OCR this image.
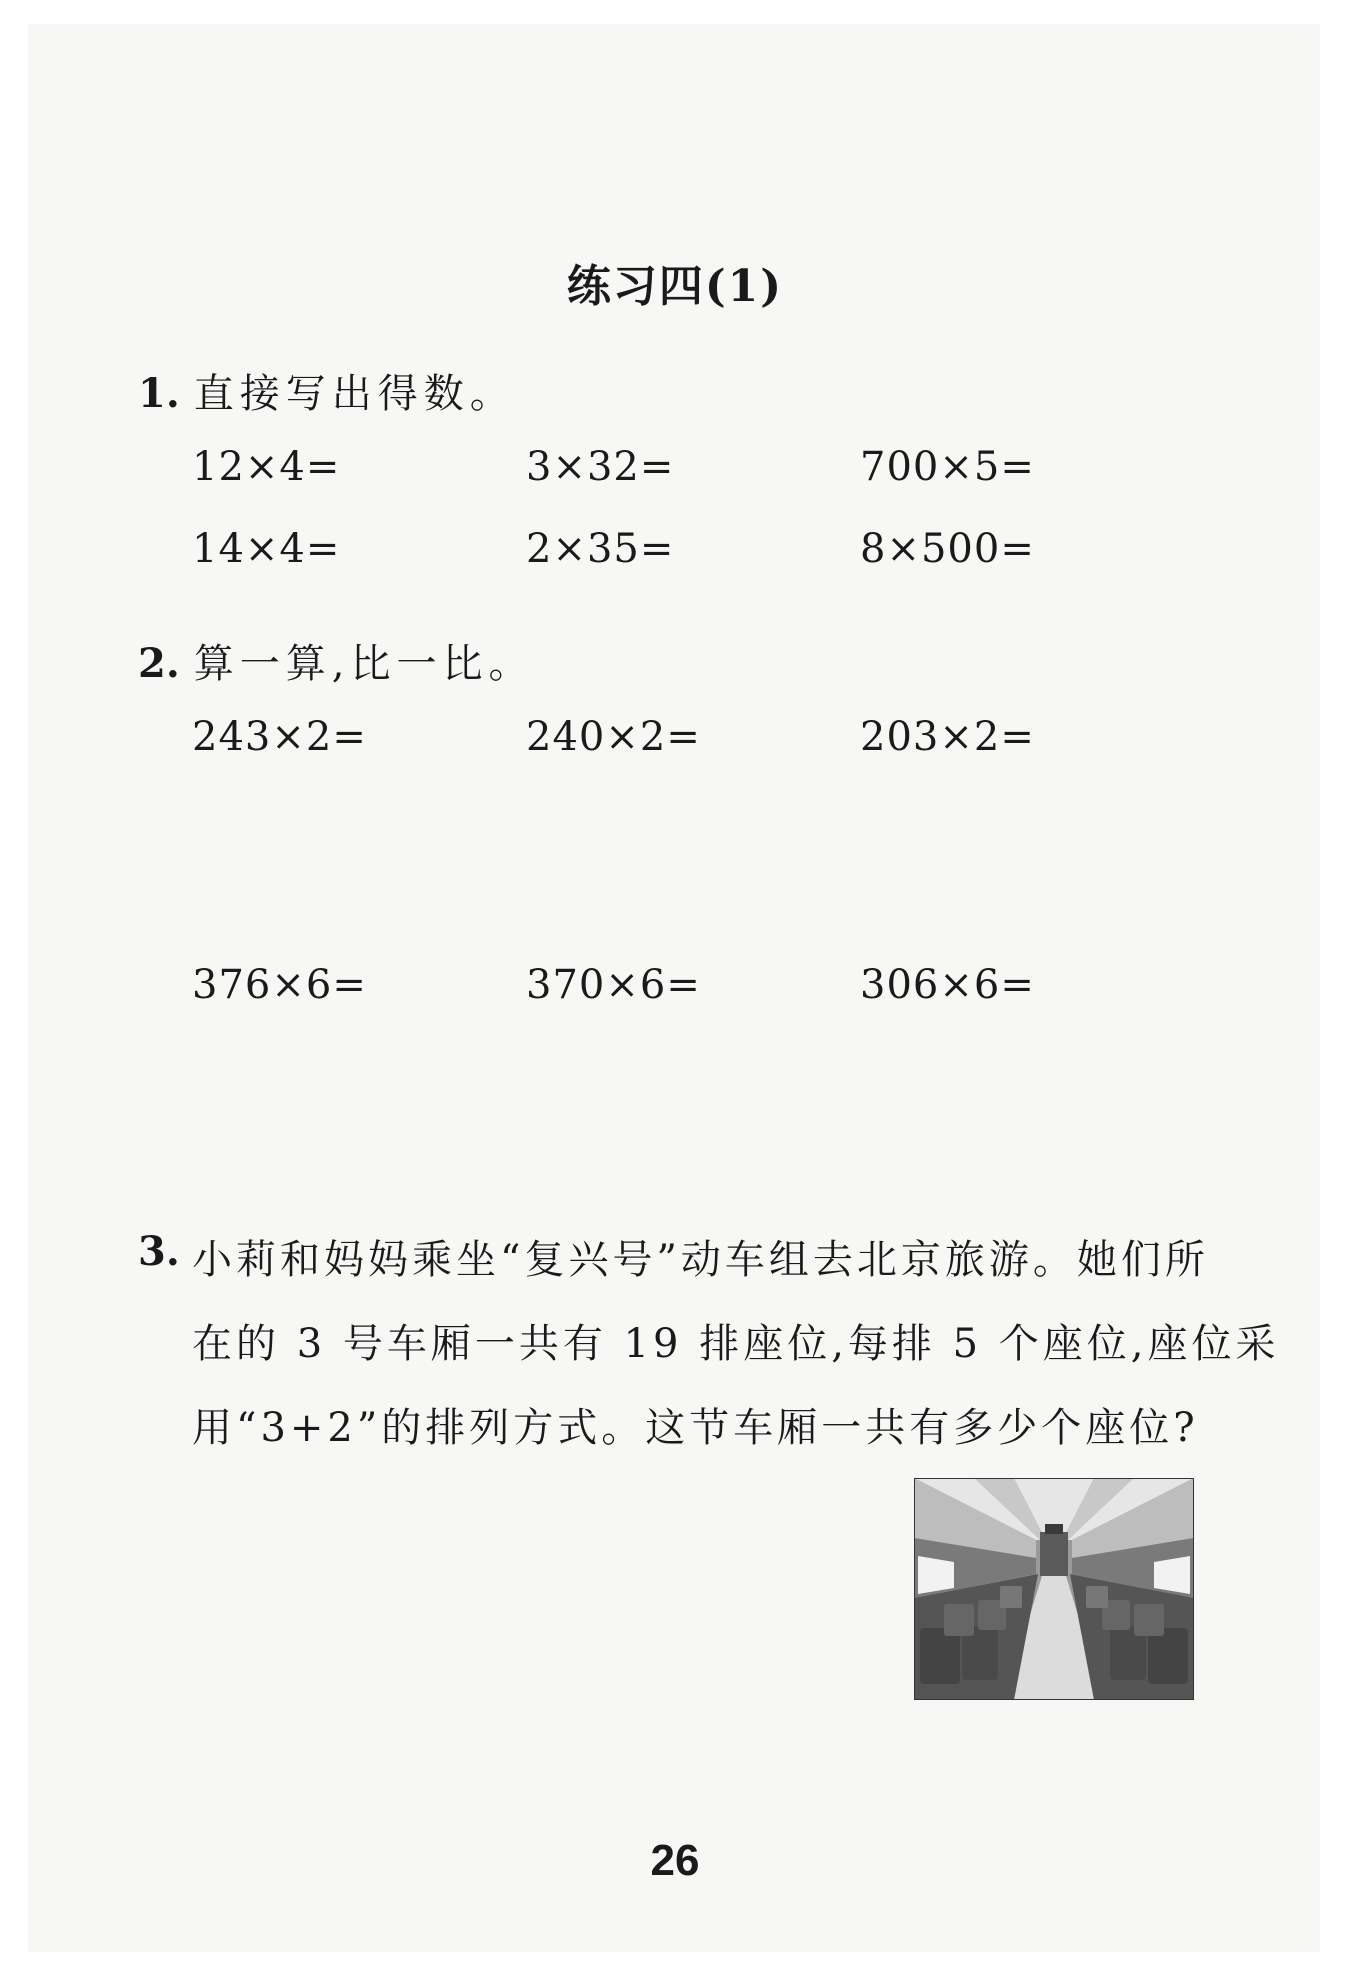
练习四(1)
1. 直接写出得数。
12×4=	3×32=	700×5=
14×4=	2×35=	8×500=
2. 算一算,比一比。
243×2=	240×2=	203×2=
376×6=	370×6=	306×6=
3. 小莉和妈妈乘坐“复兴号”动车组去北京旅游。她们所
在的 3 号车厢一共有 19 排座位,每排 5 个座位,座位采
用“3+2”的排列方式。这节车厢一共有多少个座位?
26
